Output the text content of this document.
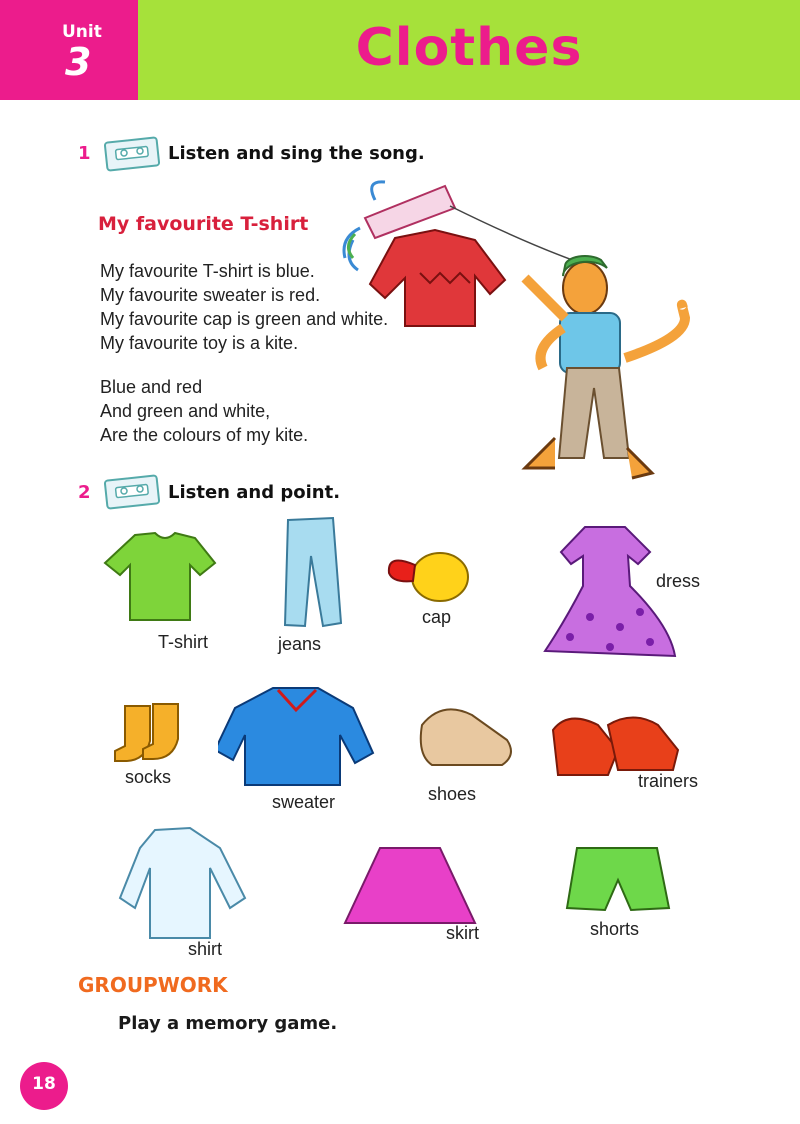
Unit
3	Clothes
1	Listen and sing the song.
My favourite T-shirt
My favourite T-shirt is blue.
My favourite sweater is red.
My favourite cap is green and white.
My favourite toy is a kite.
Blue and red
And green and white,
Are the colours of my kite.
2	Listen and point.
T-shirt	jeans
cap
dress
socks
sweater	shoes
trainers
shirt
skirt	shorts
GROUPWORK
Play a memory game.
18
